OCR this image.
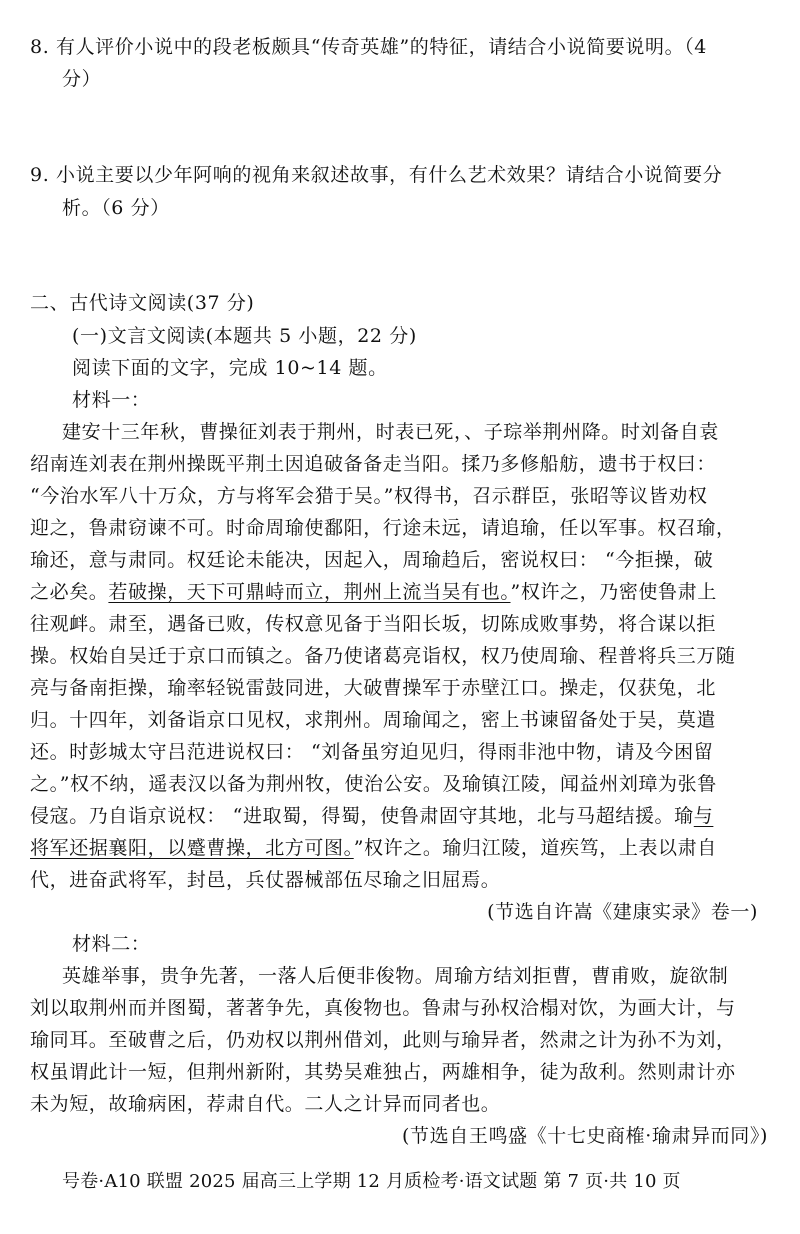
8. 有人评价小说中的段老板颇具“传奇英雄”的特征，请结合小说简要说明。（4
分）
9. 小说主要以少年阿响的视角来叙述故事，有什么艺术效果？请结合小说简要分
析。（6 分）
二、古代诗文阅读(37 分)
(一)文言文阅读(本题共 5 小题，22 分)
阅读下面的文字，完成 10~14 题。
材料一：
建安十三年秋，曹操征刘表于荆州，时表已死，、子琮举荆州降。时刘备自袁
绍南连刘表在荆州操既平荆土因追破备备走当阳。揉乃多修船舫，遗书于权曰：
“今治水军八十万众，方与将军会猎于吴。”权得书，召示群臣，张昭等议皆劝权
迎之，鲁肃窃谏不可。时命周瑜使鄱阳，行途未远，请追瑜，任以军事。权召瑜，
瑜还，意与肃同。权廷论未能决，因起入，周瑜趋后，密说权曰： “今拒操，破
之必矣。若破操，天下可鼎峙而立，荆州上流当吴有也。”权许之，乃密使鲁肃上
往观衅。肃至，遇备已败，传权意见备于当阳长坂，切陈成败事势，将合谋以拒
操。权始自吴迁于京口而镇之。备乃使诸葛亮诣权，权乃使周瑜、程普将兵三万随
亮与备南拒操，瑜率轻锐雷鼓同进，大破曹操军于赤壁江口。操走，仅获兔，北
归。十四年，刘备诣京口见权，求荆州。周瑜闻之，密上书谏留备处于吴，莫遣
还。时彭城太守吕范进说权曰： “刘备虽穷迫见归，得雨非池中物，请及今困留
之。”权不纳，遥表汉以备为荆州牧，使治公安。及瑜镇江陵，闻益州刘璋为张鲁
侵寇。乃自诣京说权： “进取蜀，得蜀，使鲁肃固守其地，北与马超结援。瑜与
将军还据襄阳，以蹙曹操，北方可图。”权许之。瑜归江陵，道疾笃，上表以肃自
代，进奋武将军，封邑，兵仗器械部伍尽瑜之旧屈焉。
(节选自许嵩《建康实录》卷一)
材料二：
英雄举事，贵争先著，一落人后便非俊物。周瑜方结刘拒曹，曹甫败，旋欲制
刘以取荆州而并图蜀，著著争先，真俊物也。鲁肃与孙权洽榻对饮，为画大计，与
瑜同耳。至破曹之后，仍劝权以荆州借刘，此则与瑜异者，然肃之计为孙不为刘，
权虽谓此计一短，但荆州新附，其势吴难独占，两雄相争，徒为敌利。然则肃计亦
未为短，故瑜病困，荐肃自代。二人之计异而同者也。
(节选自王鸣盛《十七史商榷·瑜肃异而同》)
号卷·A10 联盟 2025 届高三上学期 12 月质检考·语文试题 第 7 页·共 10 页
